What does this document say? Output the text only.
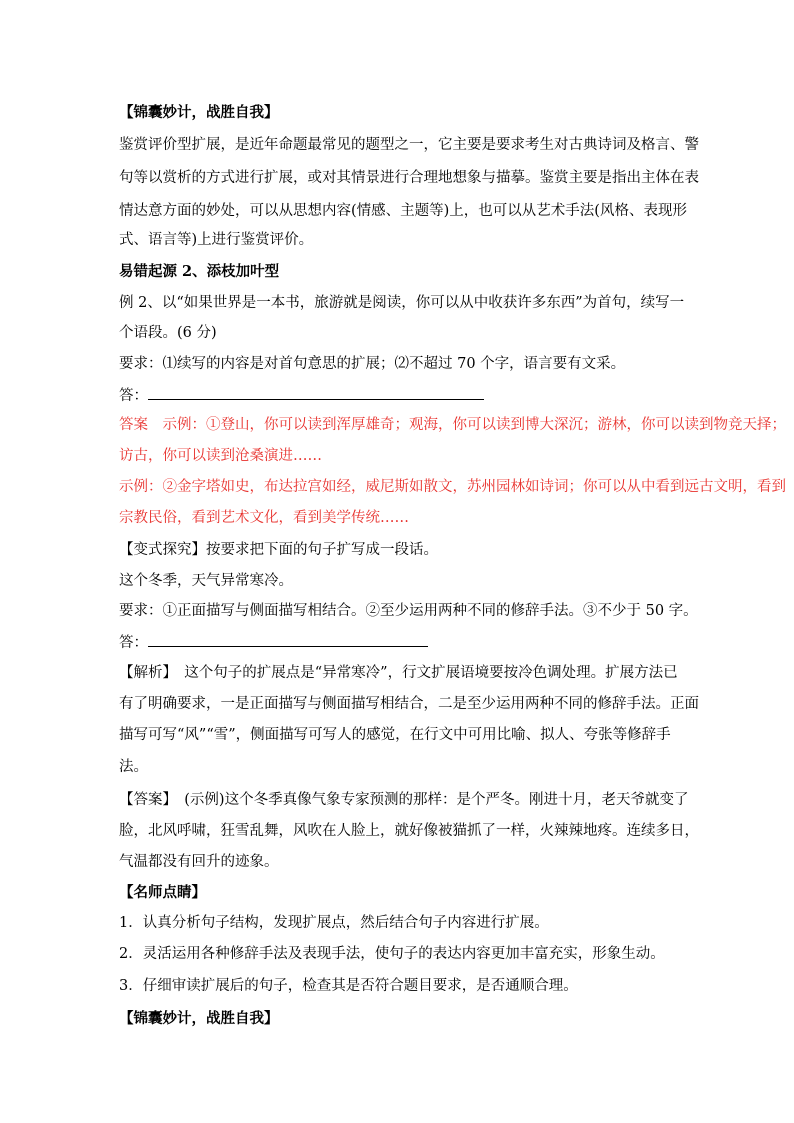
【锦囊妙计，战胜自我】
鉴赏评价型扩展，是近年命题最常见的题型之一，它主要是要求考生对古典诗词及格言、警
句等以赏析的方式进行扩展，或对其情景进行合理地想象与描摹。鉴赏主要是指出主体在表
情达意方面的妙处，可以从思想内容(情感、主题等)上，也可以从艺术手法(风格、表现形
式、语言等)上进行鉴赏评价。
易错起源 2、添枝加叶型
例 2、以“如果世界是一本书，旅游就是阅读，你可以从中收获许多东西”为首句，续写一
个语段。(6 分)
要求：⑴续写的内容是对首句意思的扩展；⑵不超过 70 个字，语言要有文采。
答：
答案　示例：①登山，你可以读到浑厚雄奇；观海，你可以读到博大深沉；游林，你可以读到物竞天择；
访古，你可以读到沧桑演进……
示例：②金字塔如史，布达拉宫如经，威尼斯如散文，苏州园林如诗词；你可以从中看到远古文明，看到
宗教民俗，看到艺术文化，看到美学传统……
【变式探究】按要求把下面的句子扩写成一段话。
这个冬季，天气异常寒冷。
要求：①正面描写与侧面描写相结合。②至少运用两种不同的修辞手法。③不少于 50 字。
答：
【解析】　这个句子的扩展点是“异常寒冷”，行文扩展语境要按冷色调处理。扩展方法已
有了明确要求，一是正面描写与侧面描写相结合，二是至少运用两种不同的修辞手法。正面
描写可写“风”“雪”，侧面描写可写人的感觉，在行文中可用比喻、拟人、夸张等修辞手
法。
【答案】　(示例)这个冬季真像气象专家预测的那样：是个严冬。刚进十月，老天爷就变了
脸，北风呼啸，狂雪乱舞，风吹在人脸上，就好像被猫抓了一样，火辣辣地疼。连续多日，
气温都没有回升的迹象。
【名师点睛】
1．认真分析句子结构，发现扩展点，然后结合句子内容进行扩展。
2．灵活运用各种修辞手法及表现手法，使句子的表达内容更加丰富充实，形象生动。
3．仔细审读扩展后的句子，检查其是否符合题目要求，是否通顺合理。
【锦囊妙计，战胜自我】
